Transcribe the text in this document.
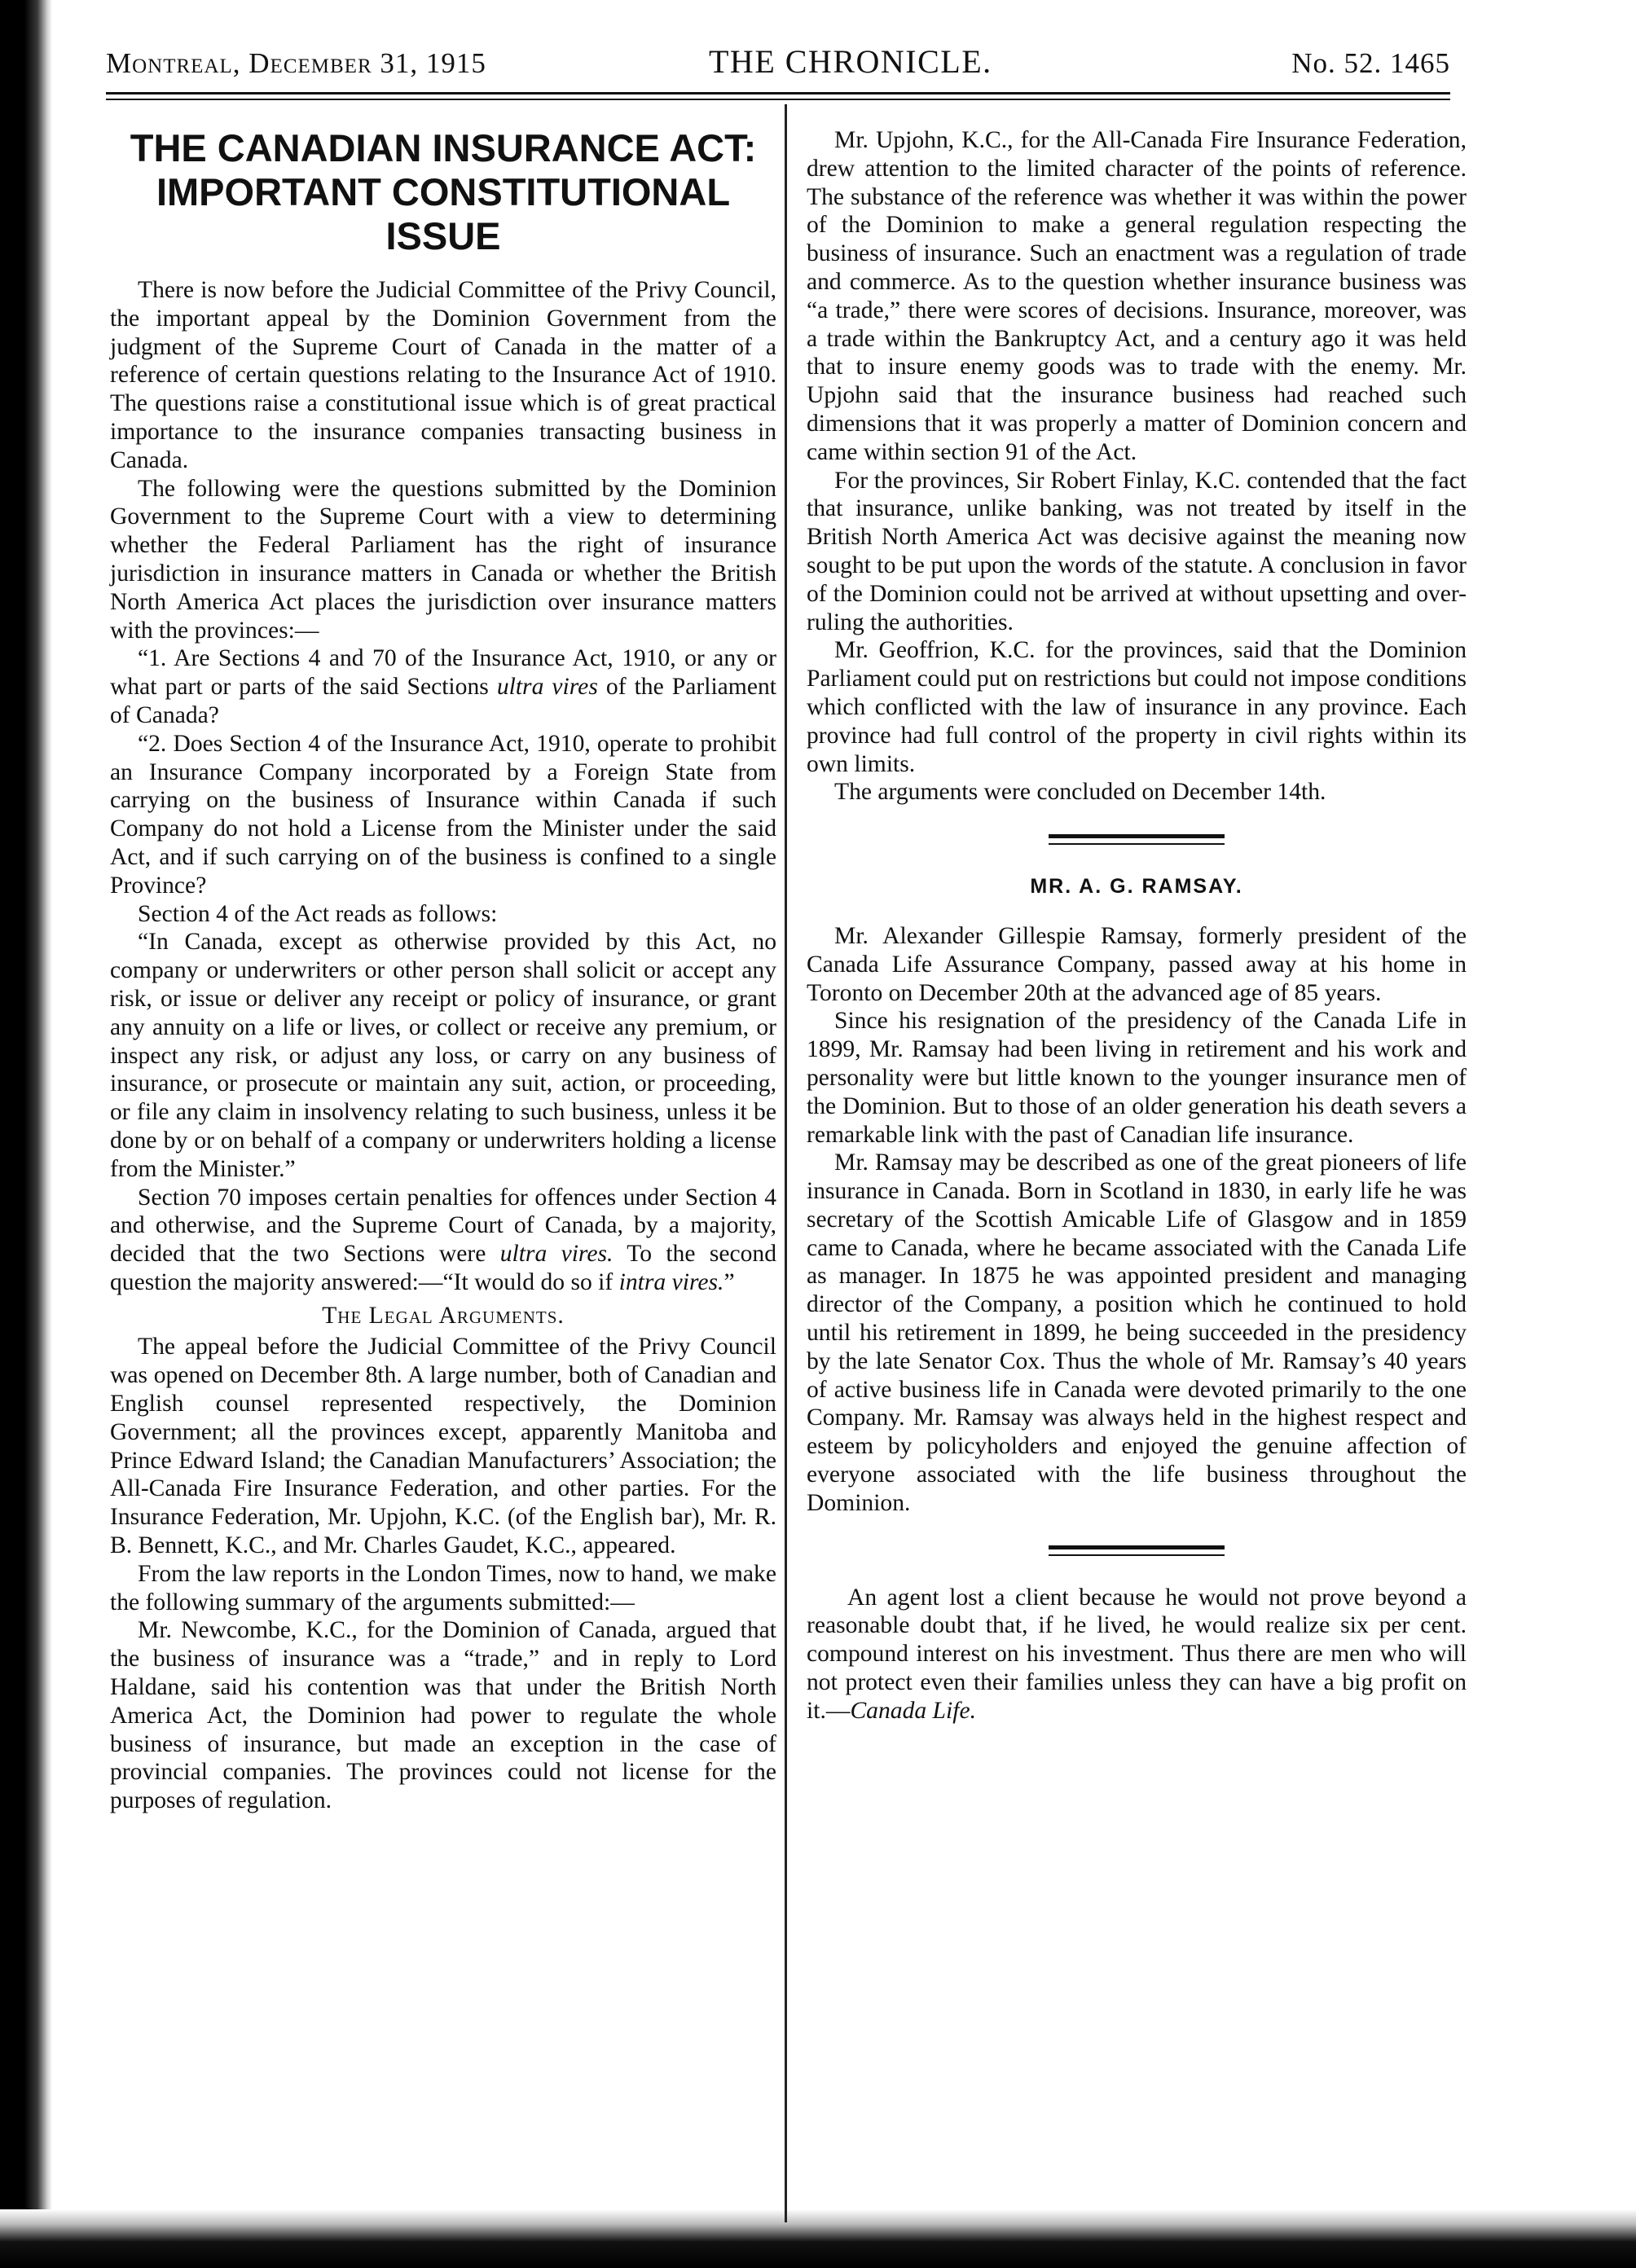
Montreal, December 31, 1915	THE CHRONICLE.	No. 52. 1465
THE CANADIAN INSURANCE ACT: IMPORTANT CONSTITUTIONAL ISSUE

There is now before the Judicial Committee of the Privy Council, the important appeal by the Dominion Government from the judgment of the Supreme Court of Canada in the matter of a reference of certain questions relating to the Insurance Act of 1910. The questions raise a constitutional issue which is of great practical importance to the insurance companies transacting business in Canada.

The following were the questions submitted by the Dominion Government to the Supreme Court with a view to determining whether the Federal Parliament has the right of insurance jurisdiction in insurance matters in Canada or whether the British North America Act places the jurisdiction over insurance matters with the provinces:—

“1. Are Sections 4 and 70 of the Insurance Act, 1910, or any or what part or parts of the said Sections ultra vires of the Parliament of Canada?

“2. Does Section 4 of the Insurance Act, 1910, operate to prohibit an Insurance Company incorporated by a Foreign State from carrying on the business of Insurance within Canada if such Company do not hold a License from the Minister under the said Act, and if such carrying on of the business is confined to a single Province?

Section 4 of the Act reads as follows:

“In Canada, except as otherwise provided by this Act, no company or underwriters or other person shall solicit or accept any risk, or issue or deliver any receipt or policy of insurance, or grant any annuity on a life or lives, or collect or receive any premium, or inspect any risk, or adjust any loss, or carry on any business of insurance, or prosecute or maintain any suit, action, or proceeding, or file any claim in insolvency relating to such business, unless it be done by or on behalf of a company or underwriters holding a license from the Minister.”

Section 70 imposes certain penalties for offences under Section 4 and otherwise, and the Supreme Court of Canada, by a majority, decided that the two Sections were ultra vires. To the second question the majority answered:—“It would do so if intra vires.”

The Legal Arguments.

The appeal before the Judicial Committee of the Privy Council was opened on December 8th. A large number, both of Canadian and English counsel represented respectively, the Dominion Government; all the provinces except, apparently Manitoba and Prince Edward Island; the Canadian Manufacturers’ Association; the All-Canada Fire Insurance Federation, and other parties. For the Insurance Federation, Mr. Upjohn, K.C. (of the English bar), Mr. R. B. Bennett, K.C., and Mr. Charles Gaudet, K.C., appeared.

From the law reports in the London Times, now to hand, we make the following summary of the arguments submitted:—

Mr. Newcombe, K.C., for the Dominion of Canada, argued that the business of insurance was a “trade,” and in reply to Lord Haldane, said his contention was that under the British North America Act, the Dominion had power to regulate the whole business of insurance, but made an exception in the case of provincial companies. The provinces could not license for the purposes of regulation.

Mr. Upjohn, K.C., for the All-Canada Fire Insurance Federation, drew attention to the limited character of the points of reference. The substance of the reference was whether it was within the power of the Dominion to make a general regulation respecting the business of insurance. Such an enactment was a regulation of trade and commerce. As to the question whether insurance business was “a trade,” there were scores of decisions. Insurance, moreover, was a trade within the Bankruptcy Act, and a century ago it was held that to insure enemy goods was to trade with the enemy. Mr. Upjohn said that the insurance business had reached such dimensions that it was properly a matter of Dominion concern and came within section 91 of the Act.

For the provinces, Sir Robert Finlay, K.C. contended that the fact that insurance, unlike banking, was not treated by itself in the British North America Act was decisive against the meaning now sought to be put upon the words of the statute. A conclusion in favor of the Dominion could not be arrived at without upsetting and over-ruling the authorities.

Mr. Geoffrion, K.C. for the provinces, said that the Dominion Parliament could put on restrictions but could not impose conditions which conflicted with the law of insurance in any province. Each province had full control of the property in civil rights within its own limits.

The arguments were concluded on December 14th.

MR. A. G. RAMSAY.

Mr. Alexander Gillespie Ramsay, formerly president of the Canada Life Assurance Company, passed away at his home in Toronto on December 20th at the advanced age of 85 years.

Since his resignation of the presidency of the Canada Life in 1899, Mr. Ramsay had been living in retirement and his work and personality were but little known to the younger insurance men of the Dominion. But to those of an older generation his death severs a remarkable link with the past of Canadian life insurance.

Mr. Ramsay may be described as one of the great pioneers of life insurance in Canada. Born in Scotland in 1830, in early life he was secretary of the Scottish Amicable Life of Glasgow and in 1859 came to Canada, where he became associated with the Canada Life as manager. In 1875 he was appointed president and managing director of the Company, a position which he continued to hold until his retirement in 1899, he being succeeded in the presidency by the late Senator Cox. Thus the whole of Mr. Ramsay’s 40 years of active business life in Canada were devoted primarily to the one Company. Mr. Ramsay was always held in the highest respect and esteem by policyholders and enjoyed the genuine affection of everyone associated with the life business throughout the Dominion.

An agent lost a client because he would not prove beyond a reasonable doubt that, if he lived, he would realize six per cent. compound interest on his investment. Thus there are men who will not protect even their families unless they can have a big profit on it.—Canada Life.
